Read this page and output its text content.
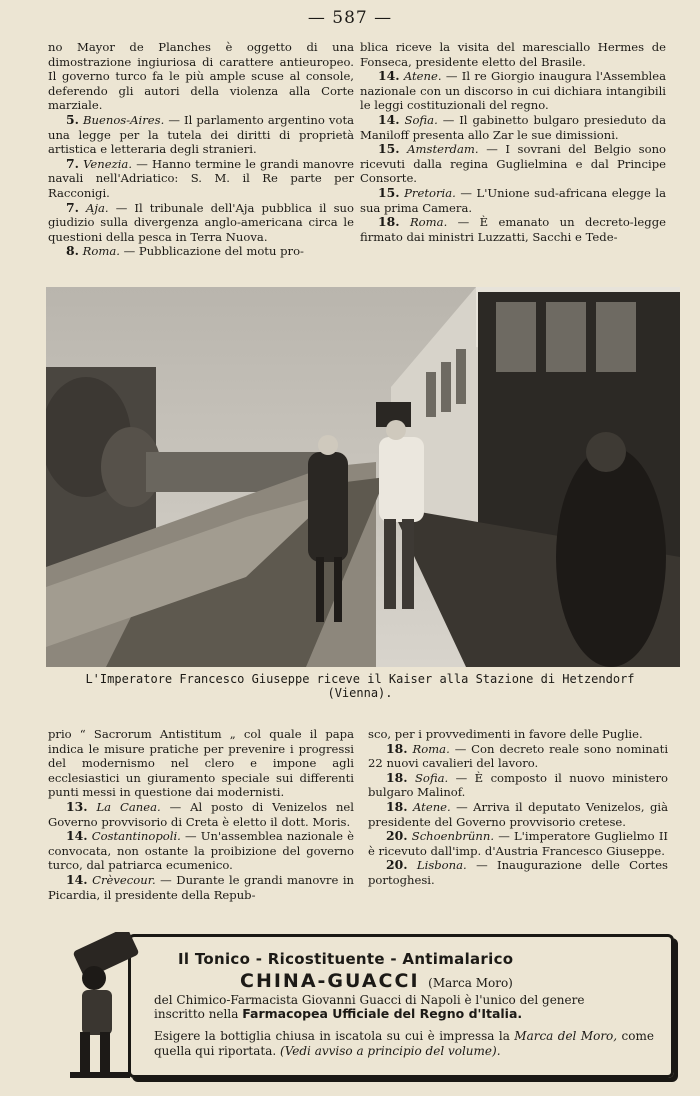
— 587 —

no Mayor de Planches è oggetto di una dimostrazione ingiuriosa di carattere antieuropeo. Il governo turco fa le più ample scuse al console, deferendo gli autori della violenza alla Corte marziale.

5. Buenos-Aires. — Il parlamento argentino vota una legge per la tutela dei diritti di proprietà artistica e letteraria degli stranieri.

7. Venezia. — Hanno termine le grandi manovre navali nell'Adriatico: S. M. il Re parte per Racconigi.

7. Aja. — Il tribunale dell'Aja pubblica il suo giudizio sulla divergenza anglo-americana circa le questioni della pesca in Terra Nuova.

8. Roma. — Pubblicazione del motu pro-

blica riceve la visita del maresciallo Hermes de Fonseca, presidente eletto del Brasile.

14. Atene. — Il re Giorgio inaugura l'Assemblea nazionale con un discorso in cui dichiara intangibili le leggi costituzionali del regno.

14. Sofia. — Il gabinetto bulgaro presieduto da Maniloff presenta allo Zar le sue dimissioni.

15. Amsterdam. — I sovrani del Belgio sono ricevuti dalla regina Guglielmina e dal Principe Consorte.

15. Pretoria. — L'Unione sud-africana elegge la sua prima Camera.

18. Roma. — È emanato un decreto-legge firmato dai ministri Luzzatti, Sacchi e Tede-

L'Imperatore Francesco Giuseppe riceve il Kaiser alla Stazione di Hetzendorf (Vienna).

prio “ Sacrorum Antistitum „ col quale il papa indica le misure pratiche per prevenire i progressi del modernismo nel clero e impone agli ecclesiastici un giuramento speciale sui differenti punti messi in questione dai modernisti.

13. La Canea. — Al posto di Venizelos nel Governo provvisorio di Creta è eletto il dott. Moris.

14. Costantinopoli. — Un'assemblea nazionale è convocata, non ostante la proibizione del governo turco, dal patriarca ecumenico.

14. Crèvecour. — Durante le grandi manovre in Picardia, il presidente della Repub-

sco, per i provvedimenti in favore delle Puglie.

18. Roma. — Con decreto reale sono nominati 22 nuovi cavalieri del lavoro.

18. Sofia. — È composto il nuovo ministero bulgaro Malinof.

18. Atene. — Arriva il deputato Venizelos, già presidente del Governo provvisorio cretese.

20. Schoenbrünn. — L'imperatore Guglielmo II è ricevuto dall'imp. d'Austria Francesco Giuseppe.

20. Lisbona. — Inaugurazione delle Cortes portoghesi.

Il Tonico - Ricostituente - Antimalarico
CHINA-GUACCI (Marca Moro)
del Chimico-Farmacista Giovanni Guacci di Napoli è l'unico del genere
inscritto nella Farmacopea Ufficiale del Regno d'Italia.
Esigere la bottiglia chiusa in iscatola su cui è impressa la Marca del Moro, come quella qui riportata. (Vedi avviso a principio del volume).
